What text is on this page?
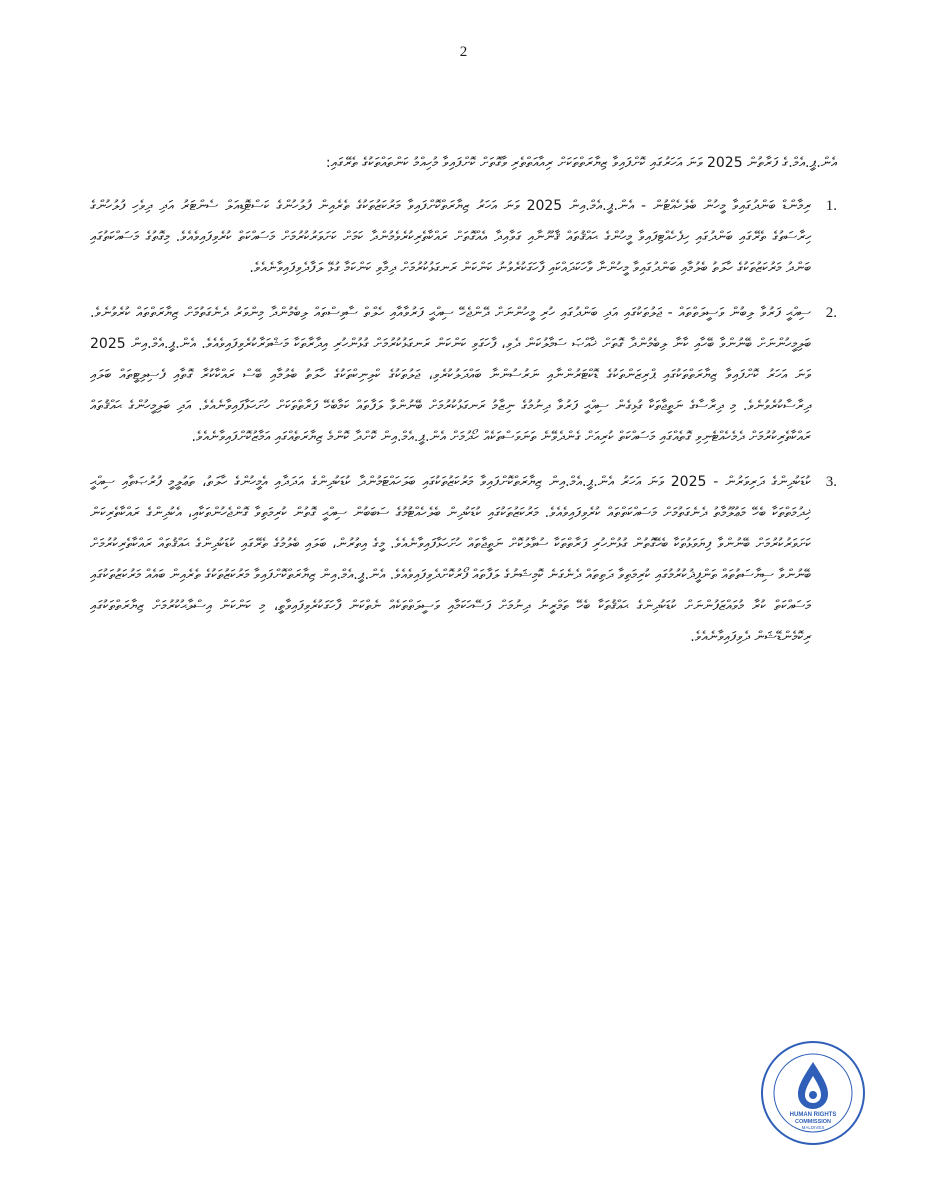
2

އެން.ޕީ.އެމް.ގެ ފަރާތުން 2025 ވަނަ އަހަރުގައި ކޮށްފައިވާ ޒިޔާރަތްތަކަށް ރިއާއަތްތެރި ވާގޮތަށް ކޮށްފައިވާ މުހިއްމު ކަންތައްތަކުގެ ތެރޭގައި:

1.
ރިމާންޑް ބަންދުގައިވާ މީހުން ބެލެހެއްޓުން - އެން.ޕީ.އެމް.އިން 2025 ވަނަ އަހަރު ޒިޔާރަތްކޮށްފައިވާ މަރުކަޒުތަކުގެ ތެރެއިން ފުލުހުންގެ ކަސްޓޮޑިއަލް ސެންޓަރު އަދި ދިވެހި ފުލުހުންގެ ހިރާސަތުގެ ތެރޭގައި ބަންދުގައި ހިފެހެއްޓިފައިވާ މީހުންގެ ޙައްޤުތައް ޤާނޫނާއި ގަވާއިދާ އެއްގޮތަށް ރައްކާތެރިކުރެވެމުންދާ ކަމަށް ކަށަވަރުކުރުމަށް މަސައްކަތް ކުރެވިފައިވެއެވެ. މިގޮތުގެ މަސައްކަތުގައި ބަންދު މަރުކަޒުތަކުގެ ހާލަތު ބެލުމާއި ބަންދުގައިވާ މީހުންނާ ވާހަކަދައްކައި ފާހަގަކުރެވުނު ކަންކަން ރަނގަޅުކުރުމަށް ދިމާވި ކަންކަމާ ގުޅޭ ލަފާދެވިފައިވާނެއެވެ.
2.
ސިއްޙީ ފަރުވާ ލިބުން ވަސީލަތްތައް - ޖަލުތަކުގައި އަދި ބަންދުގައި ހުރި މީހުންނަށް ދޭންޖެހޭ ސިއްޙީ ފަރުވާއާއި ހެލްތް ސާވިސްތައް ލިބެމުންދާ މިންވަރު ދެނެގަތުމަށް ޒިޔާރަތްތައް ކުރެވުނެވެ. ބަލިމީހުންނަށް ބޭނުންވާ ބޭހާއި ކާނާ ލިބެމުންދާ ގޮތަށް ޚާއްޞަ ސަމާލުކަން ދެވި، ފާހަގަވި ކަންކަން ރަނގަޅުކުރުމަށް ގުޅުންހުރި އިދާރާތަކާ މަޝްވަރާކުރެވިފައިވެއެވެ. އެން.ޕީ.އެމް.އިން 2025 ވަނަ އަހަރު ކޮށްފައިވާ ޒިޔާރަތްތަކުގައި ޕްރިޒަންތަކުގެ ޑޮކްޓަރުންނާއި ނަރުސުންނާ ބައްދަލުކުރެވި، ޖަލުތަކުގެ ކްލިނިކްތަކުގެ ހާލަތު ބެލުމާއި ބޭސް ރައްކާކުރާ ގޮތާއި ފެސިލިޓީތައް ބަލައި ދިރާސާކުރެވުނެވެ. މި ދިރާސާގެ ނަތީޖާތަކާ ގުޅިގެން ސިއްޙީ ފަރުވާ ދިނުމުގެ ނިޒާމު ރަނގަޅުކުރުމަށް ބޭނުންވާ ލަފާތައް ކަމާބެހޭ ފަރާތްތަކަށް ހުށަހަޅާފައިވާނެއެވެ. އަދި ބަލިމީހުންގެ ޙައްޤުތައް ރައްކާތެރިކުރުމަށް ދެމެހެއްޓެނިވި ގޮތެއްގައި މަސައްކަތް ކުރިއަށް ގެންދެވޭނެ ތަނަވަސްތަކެއް ހޯދުމަށް އެން.ޕީ.އެމް.އިން ކޮށްދާ ކޮންމެ ޒިޔާރަތެއްގައި އަމާޒުކޮށްފައިވާނެއެވެ.
3.
ކުޑަކުދިންގެ ދަރިވަރުން - 2025 ވަނަ އަހަރު އެން.ޕީ.އެމް.އިން ޒިޔާރަތްކޮށްފައިވާ މަރުކަޒުތަކުގައި ބަލަހައްޓަމުންދާ ކުޑަކުދިންގެ އަދަދާއި އެމީހުންގެ ހާލަތު، ތަޢުލީމީ ފުރުޞަތާއި ސިއްޙީ ޚިދުމަތްތަކާ ބެހޭ މަޢުލޫމާތު ދެނެގަތުމަށް މަސައްކަތްތައް ކުރެވިފައިވެއެވެ. މަރުކަޒުތަކުގައި ކުޑަކުދިން ބެލެހެއްޓުމުގެ ސަބަބުން ސިއްޙީ ގޮތުން ކުރިމަތިވާ ގޮންޖެހުންތަކާއި، އެކުދިންގެ ރައްކާތެރިކަން ކަށަވަރުކުރުމަށް ބޭނުންވާ ފިޔަވަޅުތަކާ ބެހޭގޮތުން ގުޅުންހުރި ފަރާތްތަކާ ސުވާލުކޮށް ނަތީޖާތައް ހުށަހަޅާފައިވާނެއެވެ. މީގެ އިތުރުން، ބަލައި ބެލުމުގެ ތެރޭގައި ކުޑަކުދިންގެ ޙައްޤުތައް ރައްކާތެރިކުރުމަށް ބޭނުންވާ ސިޔާސަތުތައް ތަންފީޛުކުރުމުގައި ކުރިމަތިވާ ދަތިތައް ދެނެގަނެ ކޮމިޝަނުގެ ލަފާތައް ފޯރުކޮށްދެވިފައިވެއެވެ. އެން.ޕީ.އެމް.އިން ޒިޔާރަތްކޮށްފައިވާ މަރުކަޒުތަކުގެ ތެރެއިން ބައެއް މަރުކަޒުތަކުގައި މަސައްކަތް ކުރާ މުވައްޒަފުންނަށް ކުޑަކުދިންގެ ޙައްޤުތަކާ ބެހޭ ތަމްރީނު ދިނުމަށް ފަސޭހަކަމާއި ވަސީލަތްތަކެއް ނެތްކަން ފާހަގަކުރެވިފައިވާތީ، މި ކަންކަން އިސްލާޙުކުރުމަށް ޒިޔާރަތްތަކުގައި ރިކޮމެންޑޭޝަން ދެވިފައިވާނެއެވެ.
HUMAN RIGHTS
COMMISSION
MALDIVES
